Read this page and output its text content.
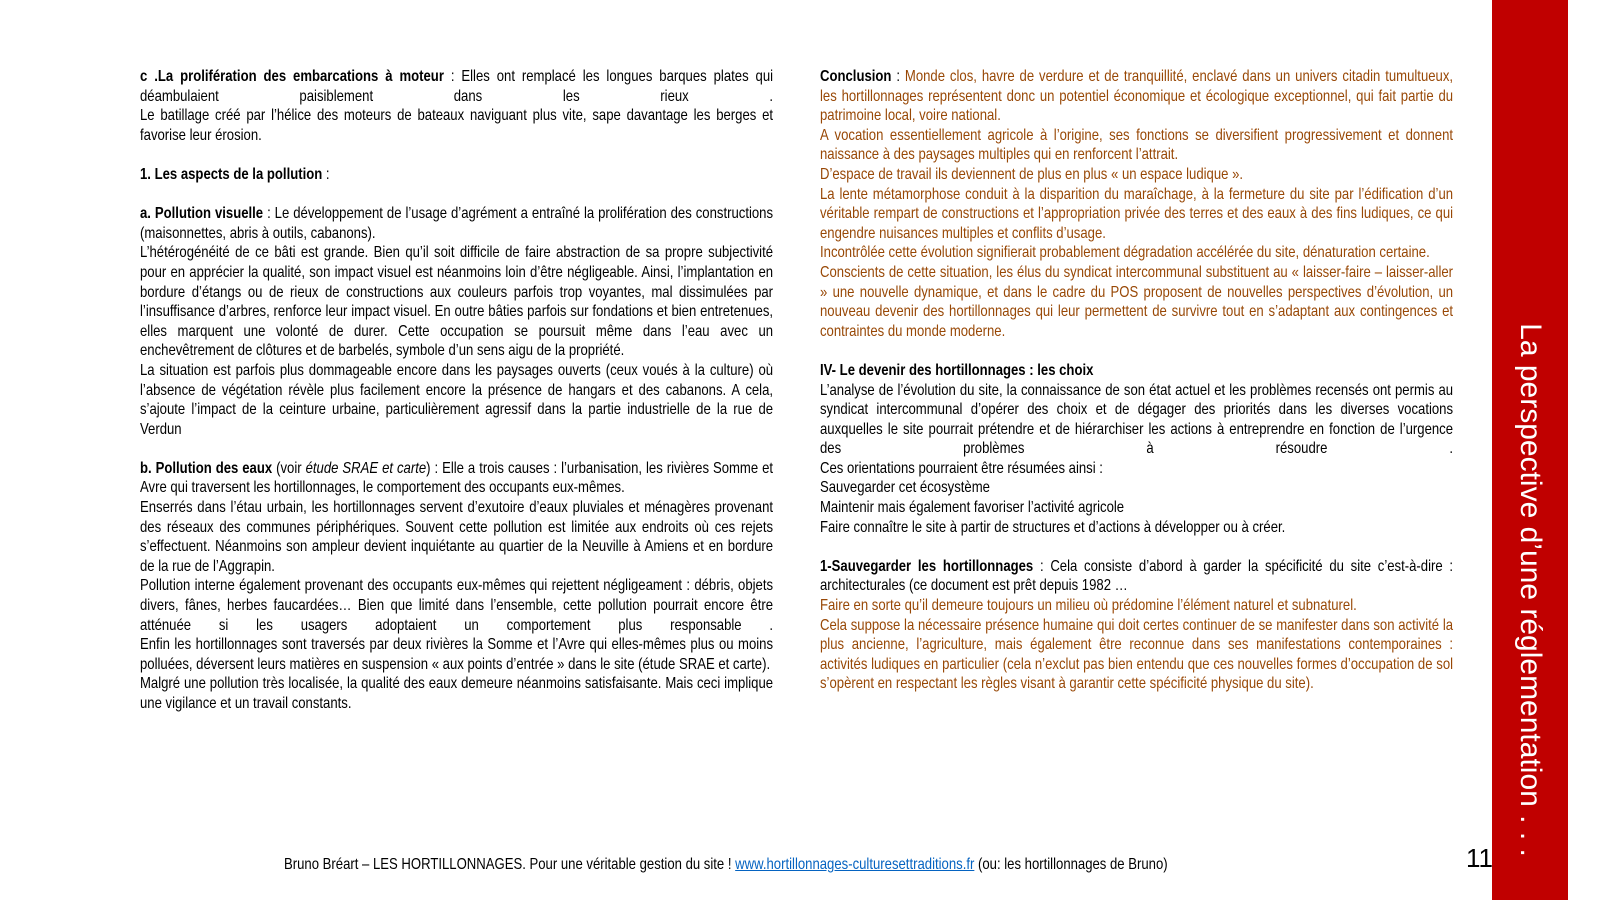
c .La prolifération des embarcations à moteur : Elles ont remplacé les longues barques plates qui déambulaient paisiblement dans les rieux .

Le batillage créé par l’hélice des moteurs de bateaux naviguant plus vite, sape davantage les berges et favorise leur érosion.

1. Les aspects de la pollution :

a. Pollution visuelle : Le développement de l’usage d’agrément a entraîné la prolifération des constructions (maisonnettes, abris à outils, cabanons).

L’hétérogénéité de ce bâti est grande. Bien qu’il soit difficile de faire abstraction de sa propre subjectivité pour en apprécier la qualité, son impact visuel est néanmoins loin d’être négligeable. Ainsi, l’implantation en bordure d’étangs ou de rieux de constructions aux couleurs parfois trop voyantes, mal dissimulées par l’insuffisance d’arbres, renforce leur impact visuel. En outre bâties parfois sur fondations et bien entretenues, elles marquent une volonté de durer. Cette occupation se poursuit même dans l’eau avec un enchevêtrement de clôtures et de barbelés, symbole d’un sens aigu de la propriété.

La situation est parfois plus dommageable encore dans les paysages ouverts (ceux voués à la culture) où l’absence de végétation révèle plus facilement encore la présence de hangars et des cabanons. A cela, s’ajoute l’impact de la ceinture urbaine, particulièrement agressif dans la partie industrielle de la rue de Verdun

b. Pollution des eaux (voir étude SRAE et carte) : Elle a trois causes : l’urbanisation, les rivières Somme et Avre qui traversent les hortillonnages, le comportement des occupants eux-mêmes.

Enserrés dans l’étau urbain, les hortillonnages servent d’exutoire d’eaux pluviales et ménagères provenant des réseaux des communes périphériques. Souvent cette pollution est limitée aux endroits où ces rejets s’effectuent. Néanmoins son ampleur devient inquiétante au quartier de la Neuville à Amiens et en bordure de la rue de l’Aggrapin.

Pollution interne également provenant des occupants eux-mêmes qui rejettent négligeament : débris, objets divers, fânes, herbes faucardées… Bien que limité dans l’ensemble, cette pollution pourrait encore être atténuée si les usagers adoptaient un comportement plus responsable .

Enfin les hortillonnages sont traversés par deux rivières la Somme et l’Avre qui elles-mêmes plus ou moins polluées, déversent leurs matières en suspension « aux points d’entrée » dans le site (étude SRAE et carte).

Malgré une pollution très localisée, la qualité des eaux demeure néanmoins satisfaisante. Mais ceci implique une vigilance et un travail constants.

Conclusion : Monde clos, havre de verdure et de tranquillité, enclavé dans un univers citadin tumultueux, les hortillonnages représentent donc un potentiel économique et écologique exceptionnel, qui fait partie du patrimoine local, voire national.

A vocation essentiellement agricole à l’origine, ses fonctions se diversifient progressivement et donnent naissance à des paysages multiples qui en renforcent l’attrait.

D’espace de travail ils deviennent de plus en plus « un espace ludique ».

La lente métamorphose conduit à la disparition du maraîchage, à la fermeture du site par l’édification d’un véritable rempart de constructions et l’appropriation privée des terres et des eaux à des fins ludiques, ce qui engendre nuisances multiples et conflits d’usage.

Incontrôlée cette évolution signifierait probablement dégradation accélérée du site, dénaturation certaine.

Conscients de cette situation, les élus du syndicat intercommunal substituent au « laisser-faire – laisser-aller » une nouvelle dynamique, et dans le cadre du POS proposent de nouvelles perspectives d’évolution, un nouveau devenir des hortillonnages qui leur permettent de survivre tout en s’adaptant aux contingences et contraintes du monde moderne.

IV- Le devenir des hortillonnages : les choix

L’analyse de l’évolution du site, la connaissance de son état actuel et les problèmes recensés ont permis au syndicat intercommunal d’opérer des choix et de dégager des priorités dans les diverses vocations auxquelles le site pourrait prétendre et de hiérarchiser les actions à entreprendre en fonction de l’urgence des problèmes à résoudre .

Ces orientations pourraient être résumées ainsi :

Sauvegarder cet écosystème

Maintenir mais également favoriser l’activité agricole

Faire connaître le site à partir de structures et d’actions à développer ou à créer.

1-Sauvegarder les hortillonnages : Cela consiste d’abord à garder la spécificité du site c’est-à-dire : architecturales (ce document est prêt depuis 1982 …

Faire en sorte qu’il demeure toujours un milieu où prédomine l’élément naturel et subnaturel.

Cela suppose la nécessaire présence humaine qui doit certes continuer de se manifester dans son activité la plus ancienne, l’agriculture, mais également être reconnue dans ses manifestations contemporaines : activités ludiques en particulier (cela n’exclut pas bien entendu que ces nouvelles formes d’occupation de sol s’opèrent en respectant les règles visant à garantir cette spécificité physique du site).	La perspective d’une réglementation . . .
11
Bruno Bréart – LES HORTILLONNAGES. Pour une véritable gestion du site ! www.hortillonnages-culturesettraditions.fr (ou: les hortillonnages de Bruno)
